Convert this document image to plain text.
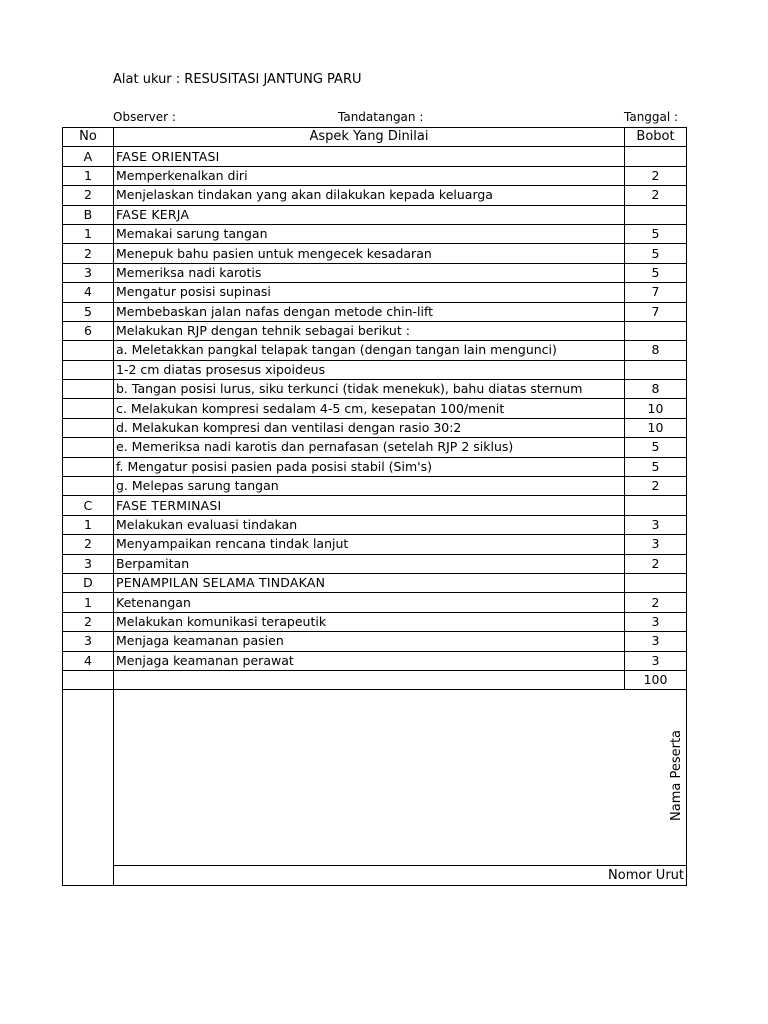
Alat ukur : RESUSITASI JANTUNG PARU
Observer :	Tandatangan :	Tanggal :
No	Aspek Yang Dinilai	Bobot
A	FASE ORIENTASI	
1	Memperkenalkan diri	2
2	Menjelaskan tindakan yang akan dilakukan kepada keluarga	2
B	FASE KERJA	
1	Memakai sarung tangan	5
2	Menepuk bahu pasien untuk mengecek kesadaran	5
3	Memeriksa nadi karotis	5
4	Mengatur posisi supinasi	7
5	Membebaskan jalan nafas dengan metode chin-lift	7
6	Melakukan RJP dengan tehnik sebagai berikut :	
	a. Meletakkan pangkal telapak tangan (dengan tangan lain mengunci)	8
	1-2 cm diatas prosesus xipoideus	
	b. Tangan posisi lurus, siku terkunci (tidak menekuk), bahu diatas sternum	8
	c. Melakukan kompresi sedalam 4-5 cm, kesepatan 100/menit	10
	d. Melakukan kompresi dan ventilasi dengan rasio 30:2	10
	e. Memeriksa nadi karotis dan pernafasan (setelah RJP 2 siklus)	5
	f. Mengatur posisi pasien pada posisi stabil (Sim's)	5
	g. Melepas sarung tangan	2
C	FASE TERMINASI	
1	Melakukan evaluasi tindakan	3
2	Menyampaikan rencana tindak lanjut	3
3	Berpamitan	2
D	PENAMPILAN SELAMA TINDAKAN	
1	Ketenangan	2
2	Melakukan komunikasi terapeutik	3
3	Menjaga keamanan pasien	3
4	Menjaga keamanan perawat	3
		100

	Nama Peserta	

	Nomor Urut	
